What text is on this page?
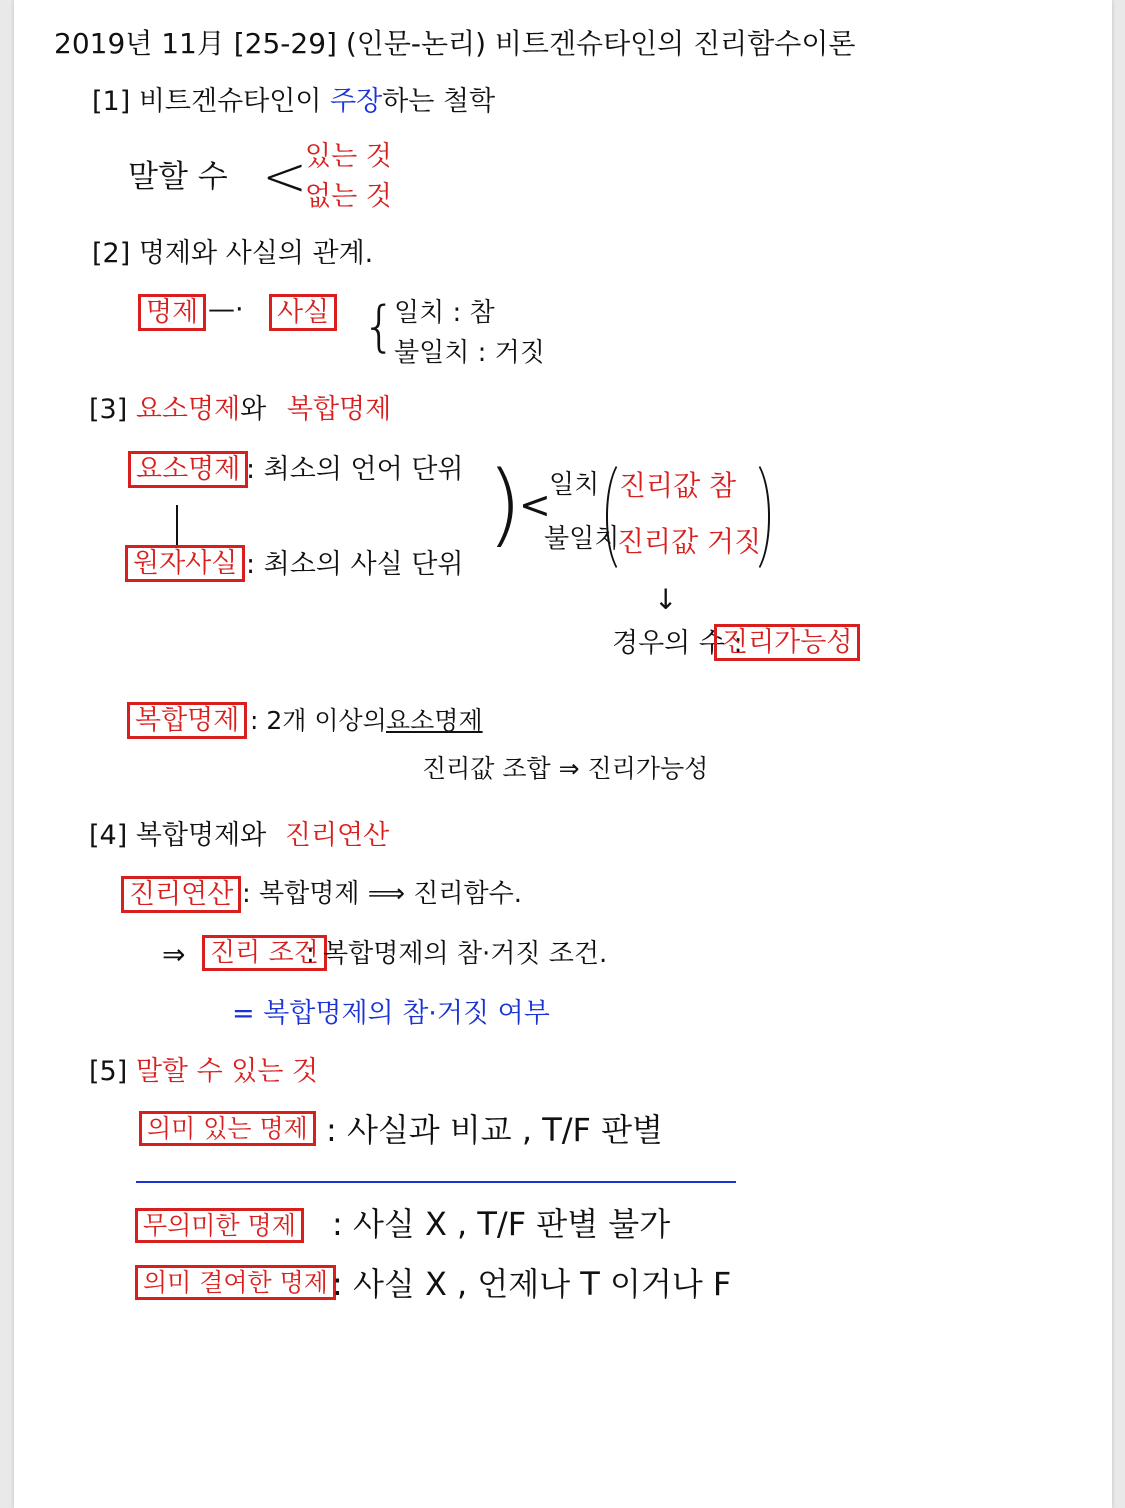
2019년 11月 [25-29] (인문-논리) 비트겐슈타인의 진리함수이론
[1] 비트겐슈타인이 주장하는 철학
말할 수 <
있는 것
없는 것
[2] 명제와 사실의 관계.
명제 —· 사실 {
일치 : 참
불일치 : 거짓
[3] 요소명제와 복합명제
요소명제 : 최소의 언어 단위
원자사실 : 최소의 사실 단위
)
<
일치
불일치
진리값 참
진리값 거짓
↓
경우의 수 :
진리가능성
복합명제 : 2개 이상의 요소명제
진리값 조합 ⇒ 진리가능성
[4] 복합명제와 진리연산
진리연산 : 복합명제 ⟹ 진리함수.
⇒ 진리 조건
: 복합명제의 참·거짓 조건.
= 복합명제의 참·거짓 여부
[5] 말할 수 있는 것
의미 있는 명제 : 사실과 비교 , T/F 판별
무의미한 명제 : 사실 X , T/F 판별 불가
의미 결여한 명제 : 사실 X , 언제나 T 이거나 F
